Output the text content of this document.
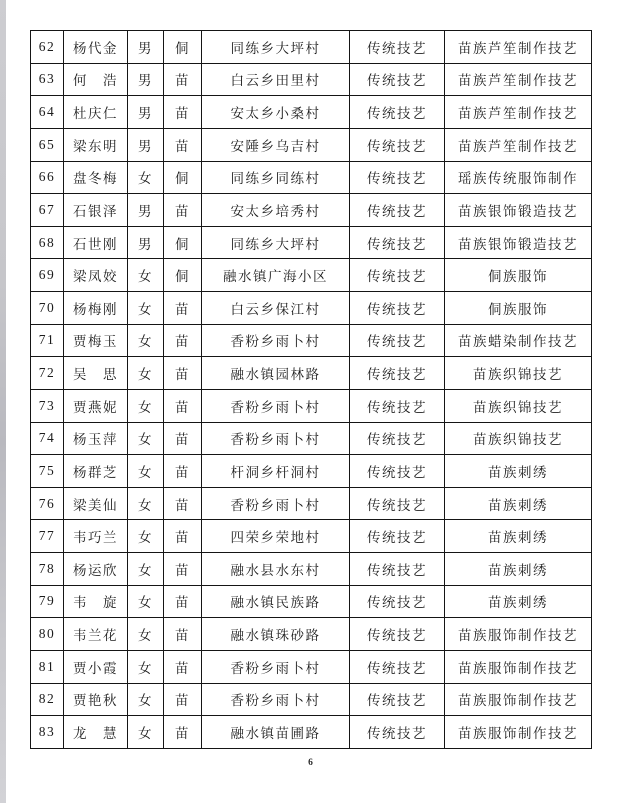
62	杨代金	男	侗	同练乡大坪村	传统技艺	苗族芦笙制作技艺
63	何　浩	男	苗	白云乡田里村	传统技艺	苗族芦笙制作技艺
64	杜庆仁	男	苗	安太乡小桑村	传统技艺	苗族芦笙制作技艺
65	梁东明	男	苗	安陲乡乌吉村	传统技艺	苗族芦笙制作技艺
66	盘冬梅	女	侗	同练乡同练村	传统技艺	瑶族传统服饰制作
67	石银泽	男	苗	安太乡培秀村	传统技艺	苗族银饰锻造技艺
68	石世刚	男	侗	同练乡大坪村	传统技艺	苗族银饰锻造技艺
69	梁凤姣	女	侗	融水镇广海小区	传统技艺	侗族服饰
70	杨梅刚	女	苗	白云乡保江村	传统技艺	侗族服饰
71	贾梅玉	女	苗	香粉乡雨卜村	传统技艺	苗族蜡染制作技艺
72	吴　思	女	苗	融水镇园林路	传统技艺	苗族织锦技艺
73	贾燕妮	女	苗	香粉乡雨卜村	传统技艺	苗族织锦技艺
74	杨玉萍	女	苗	香粉乡雨卜村	传统技艺	苗族织锦技艺
75	杨群芝	女	苗	杆洞乡杆洞村	传统技艺	苗族刺绣
76	梁美仙	女	苗	香粉乡雨卜村	传统技艺	苗族刺绣
77	韦巧兰	女	苗	四荣乡荣地村	传统技艺	苗族刺绣
78	杨运欣	女	苗	融水县水东村	传统技艺	苗族刺绣
79	韦　旋	女	苗	融水镇民族路	传统技艺	苗族刺绣
80	韦兰花	女	苗	融水镇珠砂路	传统技艺	苗族服饰制作技艺
81	贾小霞	女	苗	香粉乡雨卜村	传统技艺	苗族服饰制作技艺
82	贾艳秋	女	苗	香粉乡雨卜村	传统技艺	苗族服饰制作技艺
83	龙　慧	女	苗	融水镇苗圃路	传统技艺	苗族服饰制作技艺
6
